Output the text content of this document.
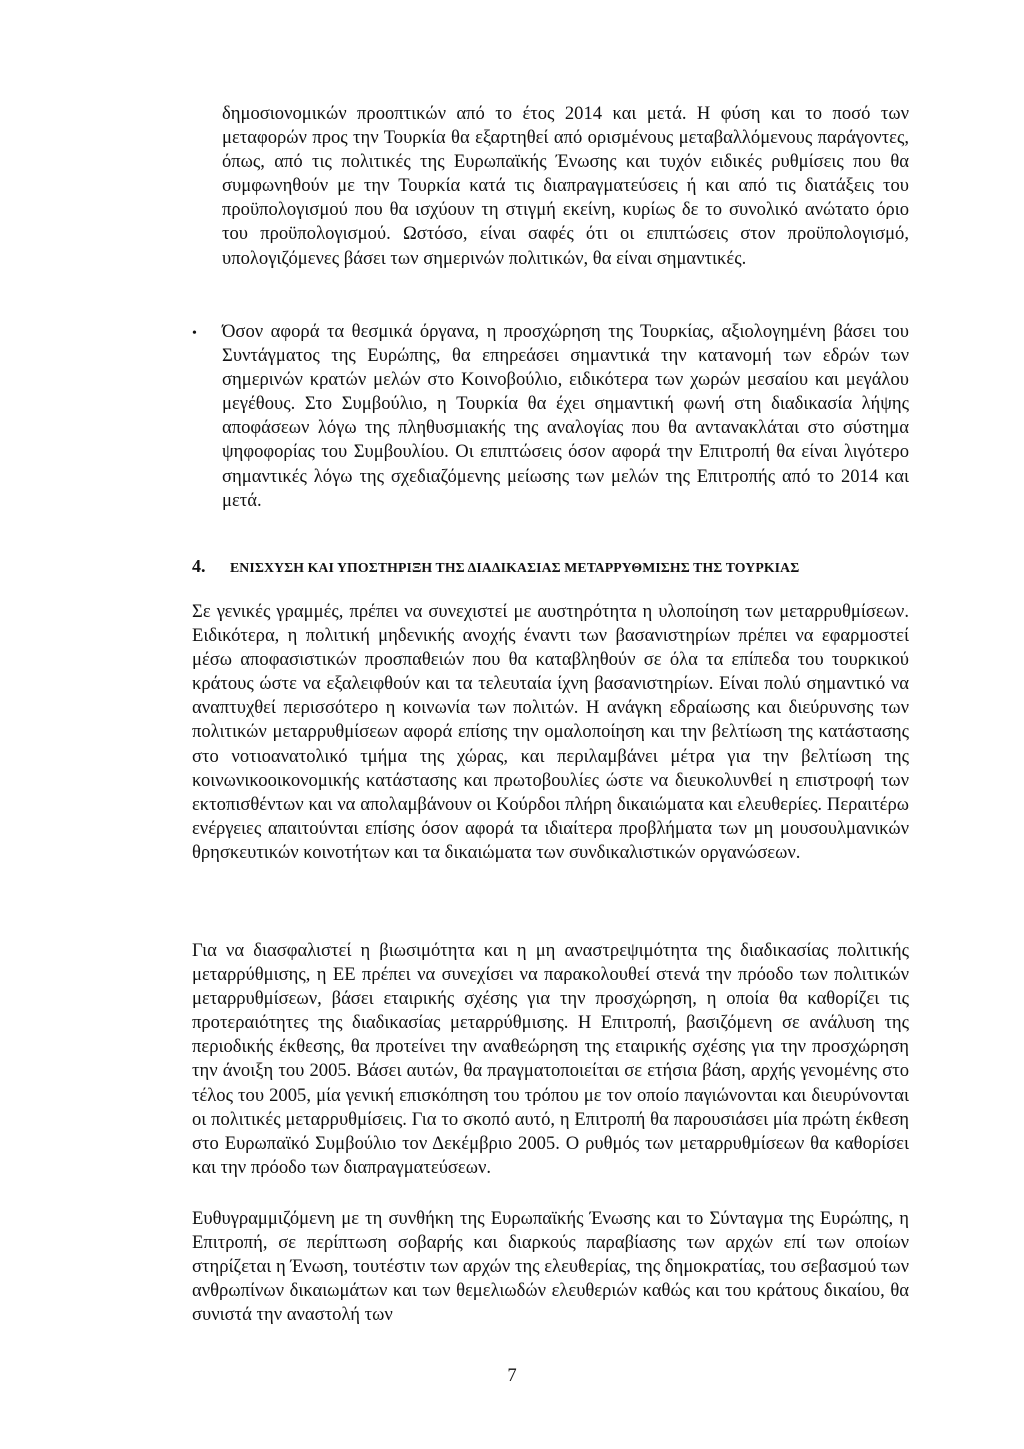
δημοσιονομικών προοπτικών από το έτος 2014 και μετά. Η φύση και το ποσό των μεταφορών προς την Τουρκία θα εξαρτηθεί από ορισμένους μεταβαλλόμενους παράγοντες, όπως, από τις πολιτικές της Ευρωπαϊκής Ένωσης και τυχόν ειδικές ρυθμίσεις που θα συμφωνηθούν με την Τουρκία κατά τις διαπραγματεύσεις ή και από τις διατάξεις του προϋπολογισμού που θα ισχύουν τη στιγμή εκείνη, κυρίως δε το συνολικό ανώτατο όριο του προϋπολογισμού. Ωστόσο, είναι σαφές ότι οι επιπτώσεις στον προϋπολογισμό, υπολογιζόμενες βάσει των σημερινών πολιτικών, θα είναι σημαντικές.

• Όσον αφορά τα θεσμικά όργανα, η προσχώρηση της Τουρκίας, αξιολογημένη βάσει του Συντάγματος της Ευρώπης, θα επηρεάσει σημαντικά την κατανομή των εδρών των σημερινών κρατών μελών στο Κοινοβούλιο, ειδικότερα των χωρών μεσαίου και μεγάλου μεγέθους. Στο Συμβούλιο, η Τουρκία θα έχει σημαντική φωνή στη διαδικασία λήψης αποφάσεων λόγω της πληθυσμιακής της αναλογίας που θα αντανακλάται στο σύστημα ψηφοφορίας του Συμβουλίου. Οι επιπτώσεις όσον αφορά την Επιτροπή θα είναι λιγότερο σημαντικές λόγω της σχεδιαζόμενης μείωσης των μελών της Επιτροπής από το 2014 και μετά.

4.	ΕΝΙΣΧΥΣΗ ΚΑΙ ΥΠΟΣΤΗΡΙΞΗ ΤΗΣ ΔΙΑΔΙΚΑΣΙΑΣ ΜΕΤΑΡΡΥΘΜΙΣΗΣ ΤΗΣ ΤΟΥΡΚΙΑΣ

Σε γενικές γραμμές, πρέπει να συνεχιστεί με αυστηρότητα η υλοποίηση των μεταρρυθμίσεων. Ειδικότερα, η πολιτική μηδενικής ανοχής έναντι των βασανιστηρίων πρέπει να εφαρμοστεί μέσω αποφασιστικών προσπαθειών που θα καταβληθούν σε όλα τα επίπεδα του τουρκικού κράτους ώστε να εξαλειφθούν και τα τελευταία ίχνη βασανιστηρίων. Είναι πολύ σημαντικό να αναπτυχθεί περισσότερο η κοινωνία των πολιτών. Η ανάγκη εδραίωσης και διεύρυνσης των πολιτικών μεταρρυθμίσεων αφορά επίσης την ομαλοποίηση και την βελτίωση της κατάστασης στο νοτιοανατολικό τμήμα της χώρας, και περιλαμβάνει μέτρα για την βελτίωση της κοινωνικοοικονομικής κατάστασης και πρωτοβουλίες ώστε να διευκολυνθεί η επιστροφή των εκτοπισθέντων και να απολαμβάνουν οι Κούρδοι πλήρη δικαιώματα και ελευθερίες. Περαιτέρω ενέργειες απαιτούνται επίσης όσον αφορά τα ιδιαίτερα προβλήματα των μη μουσουλμανικών θρησκευτικών κοινοτήτων και τα δικαιώματα των συνδικαλιστικών οργανώσεων.

Για να διασφαλιστεί η βιωσιμότητα και η μη αναστρεψιμότητα της διαδικασίας πολιτικής μεταρρύθμισης, η ΕΕ πρέπει να συνεχίσει να παρακολουθεί στενά την πρόοδο των πολιτικών μεταρρυθμίσεων, βάσει εταιρικής σχέσης για την προσχώρηση, η οποία θα καθορίζει τις προτεραιότητες της διαδικασίας μεταρρύθμισης. Η Επιτροπή, βασιζόμενη σε ανάλυση της περιοδικής έκθεσης, θα προτείνει την αναθεώρηση της εταιρικής σχέσης για την προσχώρηση την άνοιξη του 2005. Βάσει αυτών, θα πραγματοποιείται σε ετήσια βάση, αρχής γενομένης στο τέλος του 2005, μία γενική επισκόπηση του τρόπου με τον οποίο παγιώνονται και διευρύνονται οι πολιτικές μεταρρυθμίσεις. Για το σκοπό αυτό, η Επιτροπή θα παρουσιάσει μία πρώτη έκθεση στο Ευρωπαϊκό Συμβούλιο τον Δεκέμβριο 2005. Ο ρυθμός των μεταρρυθμίσεων θα καθορίσει και την πρόοδο των διαπραγματεύσεων.

Ευθυγραμμιζόμενη με τη συνθήκη της Ευρωπαϊκής Ένωσης και το Σύνταγμα της Ευρώπης, η Επιτροπή, σε περίπτωση σοβαρής και διαρκούς παραβίασης των αρχών επί των οποίων στηρίζεται η Ένωση, τουτέστιν των αρχών της ελευθερίας, της δημοκρατίας, του σεβασμού των ανθρωπίνων δικαιωμάτων και των θεμελιωδών ελευθεριών καθώς και του κράτους δικαίου, θα συνιστά την αναστολή των

7
